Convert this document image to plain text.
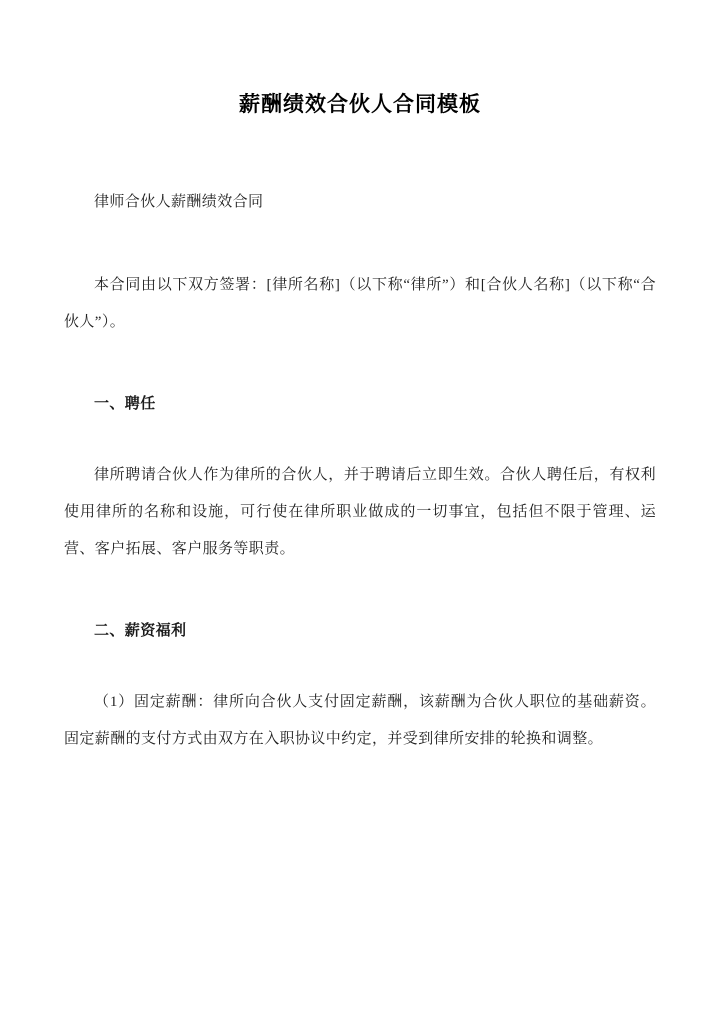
薪酬绩效合伙人合同模板

律师合伙人薪酬绩效合同

本合同由以下双方签署：[律所名称]（以下称“律所”）和[合伙人名称]（以下称“合伙人”）。

一、聘任

律所聘请合伙人作为律所的合伙人，并于聘请后立即生效。合伙人聘任后，有权利使用律所的名称和设施，可行使在律所职业做成的一切事宜，包括但不限于管理、运营、客户拓展、客户服务等职责。

二、薪资福利

（1）固定薪酬：律所向合伙人支付固定薪酬，该薪酬为合伙人职位的基础薪资。固定薪酬的支付方式由双方在入职协议中约定，并受到律所安排的轮换和调整。
